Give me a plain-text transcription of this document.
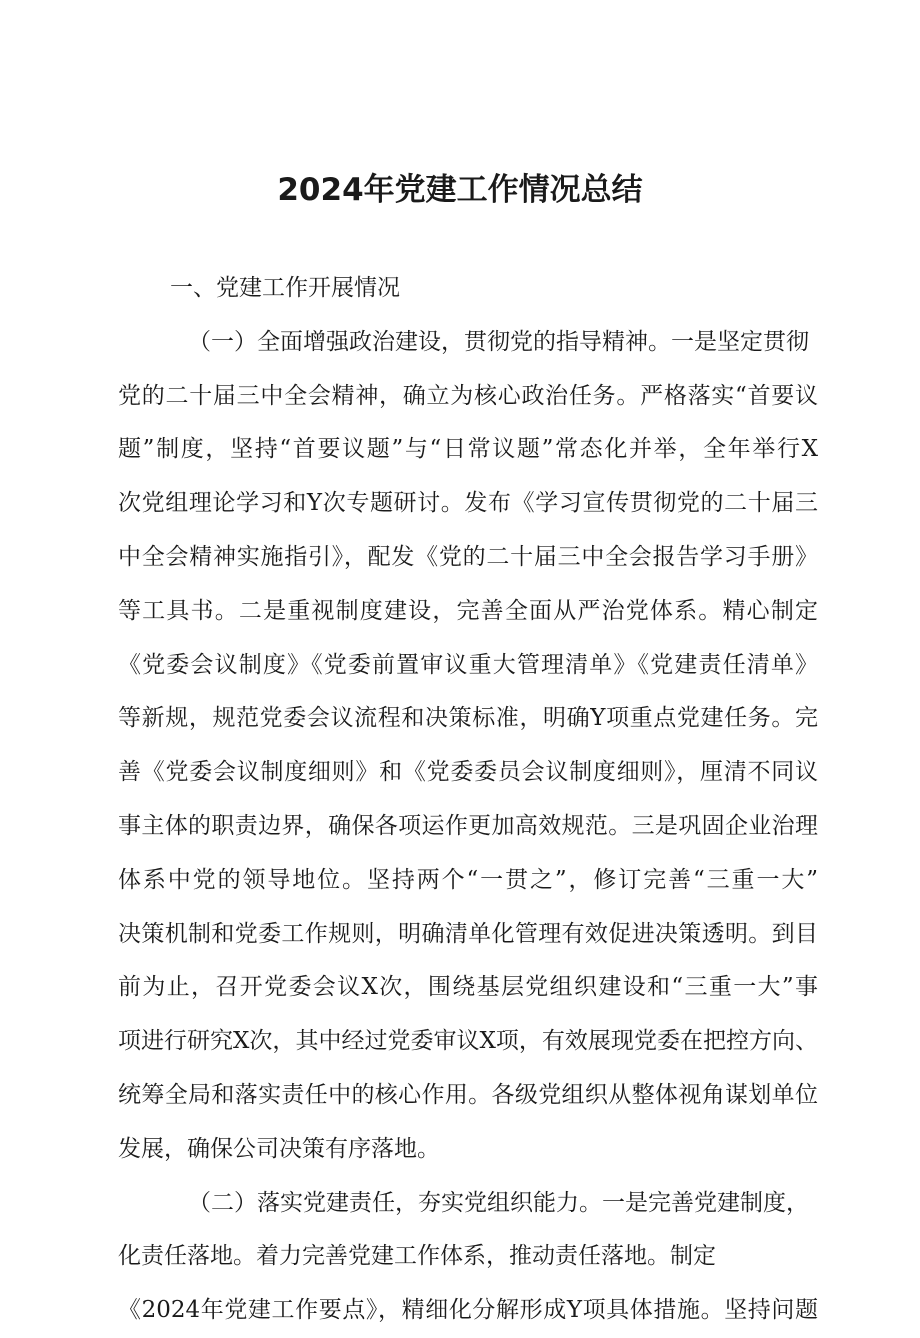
2024年党建工作情况总结
一、党建工作开展情况
（一）全面增强政治建设，贯彻党的指导精神。一是坚定贯彻
党的二十届三中全会精神，确立为核心政治任务。严格落实“首要议
题”制度，坚持“首要议题”与“日常议题”常态化并举，全年举行X
次党组理论学习和Y次专题研讨。发布《学习宣传贯彻党的二十届三
中全会精神实施指引》，配发《党的二十届三中全会报告学习手册》
等工具书。二是重视制度建设，完善全面从严治党体系。精心制定
《党委会议制度》《党委前置审议重大管理清单》《党建责任清单》
等新规，规范党委会议流程和决策标准，明确Y项重点党建任务。完
善《党委会议制度细则》和《党委委员会议制度细则》，厘清不同议
事主体的职责边界，确保各项运作更加高效规范。三是巩固企业治理
体系中党的领导地位。坚持两个“一贯之”，修订完善“三重一大”
决策机制和党委工作规则，明确清单化管理有效促进决策透明。到目
前为止，召开党委会议X次，围绕基层党组织建设和“三重一大”事
项进行研究X次，其中经过党委审议X项，有效展现党委在把控方向、
统筹全局和落实责任中的核心作用。各级党组织从整体视角谋划单位
发展，确保公司决策有序落地。
（二）落实党建责任，夯实党组织能力。一是完善党建制度，
化责任落地。着力完善党建工作体系，推动责任落地。制定
《2024年党建工作要点》，精细化分解形成Y项具体措施。坚持问题
